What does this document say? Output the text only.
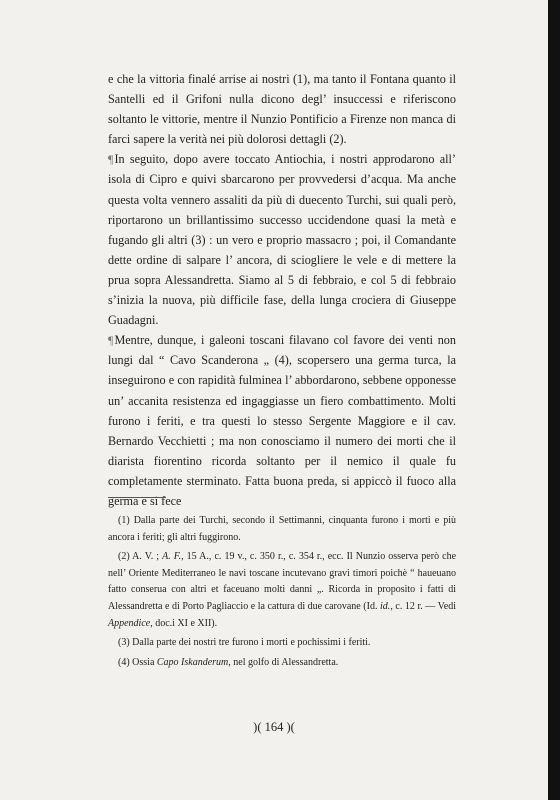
e che la vittoria finalé arrise ai nostri (1), ma tanto il Fontana quanto il Santelli ed il Grifoni nulla dicono degl’ insuccessi e riferiscono soltanto le vittorie, mentre il Nunzio Pontificio a Firenze non manca di farci sapere la verità nei più dolorosi dettagli (2).

¶In seguito, dopo avere toccato Antiochia, i nostri approdarono all’ isola di Cipro e quivi sbarcarono per provvedersi d’acqua. Ma anche questa volta vennero assaliti da più di duecento Turchi, sui quali però, riportarono un brillantissimo successo uccidendone quasi la metà e fugando gli altri (3) : un vero e proprio massacro ; poi, il Comandante dette ordine di salpare l’ ancora, di sciogliere le vele e di mettere la prua sopra Alessandretta. Siamo al 5 di febbraio, e col 5 di febbraio s’inizia la nuova, più difficile fase, della lunga crociera di Giuseppe Guadagni.

¶Mentre, dunque, i galeoni toscani filavano col favore dei venti non lungi dal “ Cavo Scanderona „ (4), scopersero una germa turca, la inseguirono e con rapidità fulminea l’ abbordarono, sebbene opponesse un’ accanita resistenza ed ingaggiasse un fiero combattimento. Molti furono i feriti, e tra questi lo stesso Sergente Maggiore e il cav. Bernardo Vecchietti ; ma non conosciamo il numero dei morti che il diarista fiorentino ricorda soltanto per il nemico il quale fu completamente sterminato. Fatta buona preda, si appiccò il fuoco alla germa e si fece

(1) Dalla parte dei Turchi, secondo il Settimanni, cinquanta furono i morti e più ancora i feriti; gli altri fuggirono.

(2) A. V. ; A. F., 15 A., c. 19 v., c. 350 r., c. 354 r., ecc. Il Nunzio osserva però che nell’ Oriente Mediterraneo le navi toscane incutevano gravi timori poichè “ haueuano fatto conserua con altri et faceuano molti danni „. Ricorda in proposito i fatti di Alessandretta e di Porto Pagliaccio e la cattura di due carovane (Id. id., c. 12 r. — Vedi Appendice, doc.i XI e XII).

(3) Dalla parte dei nostri tre furono i morti e pochissimi i feriti.

(4) Ossia Capo Iskanderum, nel golfo di Alessandretta.

)( 164 )(
